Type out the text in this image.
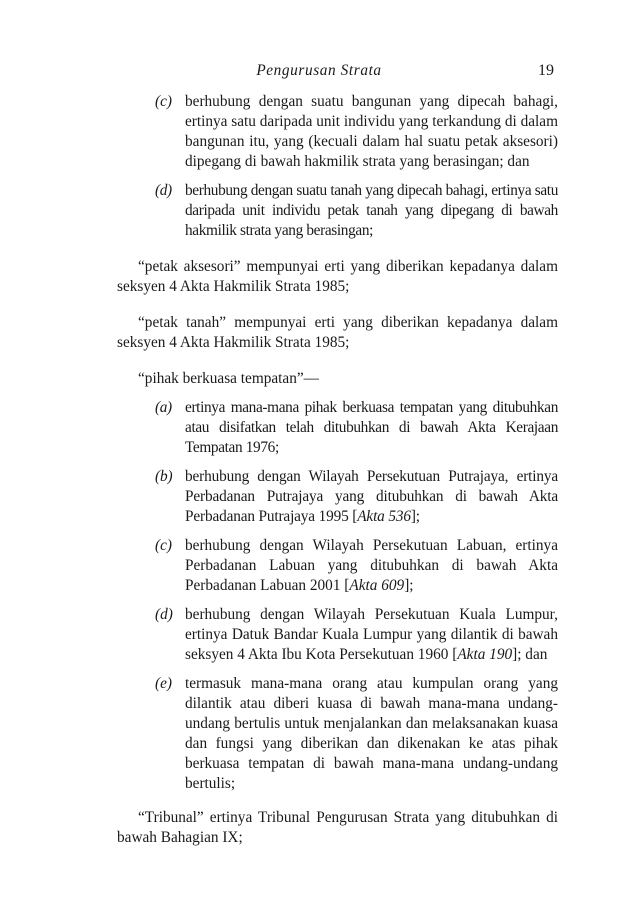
Pengurusan Strata	19
(c) berhubung dengan suatu bangunan yang dipecah bahagi, ertinya satu daripada unit individu yang terkandung di dalam bangunan itu, yang (kecuali dalam hal suatu petak aksesori) dipegang di bawah hakmilik strata yang berasingan; dan
(d) berhubung dengan suatu tanah yang dipecah bahagi, ertinya satu daripada unit individu petak tanah yang dipegang di bawah hakmilik strata yang berasingan;

“petak aksesori” mempunyai erti yang diberikan kepadanya dalam seksyen 4 Akta Hakmilik Strata 1985;

“petak tanah” mempunyai erti yang diberikan kepadanya dalam seksyen 4 Akta Hakmilik Strata 1985;

“pihak berkuasa tempatan”—

(a) ertinya mana-mana pihak berkuasa tempatan yang ditubuhkan atau disifatkan telah ditubuhkan di bawah Akta Kerajaan Tempatan 1976;
(b) berhubung dengan Wilayah Persekutuan Putrajaya, ertinya Perbadanan Putrajaya yang ditubuhkan di bawah Akta Perbadanan Putrajaya 1995 [Akta 536];
(c) berhubung dengan Wilayah Persekutuan Labuan, ertinya Perbadanan Labuan yang ditubuhkan di bawah Akta Perbadanan Labuan 2001 [Akta 609];
(d) berhubung dengan Wilayah Persekutuan Kuala Lumpur, ertinya Datuk Bandar Kuala Lumpur yang dilantik di bawah seksyen 4 Akta Ibu Kota Persekutuan 1960 [Akta 190]; dan
(e) termasuk mana-mana orang atau kumpulan orang yang dilantik atau diberi kuasa di bawah mana-mana undang-undang bertulis untuk menjalankan dan melaksanakan kuasa dan fungsi yang diberikan dan dikenakan ke atas pihak berkuasa tempatan di bawah mana-mana undang-undang bertulis;

“Tribunal” ertinya Tribunal Pengurusan Strata yang ditubuhkan di bawah Bahagian IX;
